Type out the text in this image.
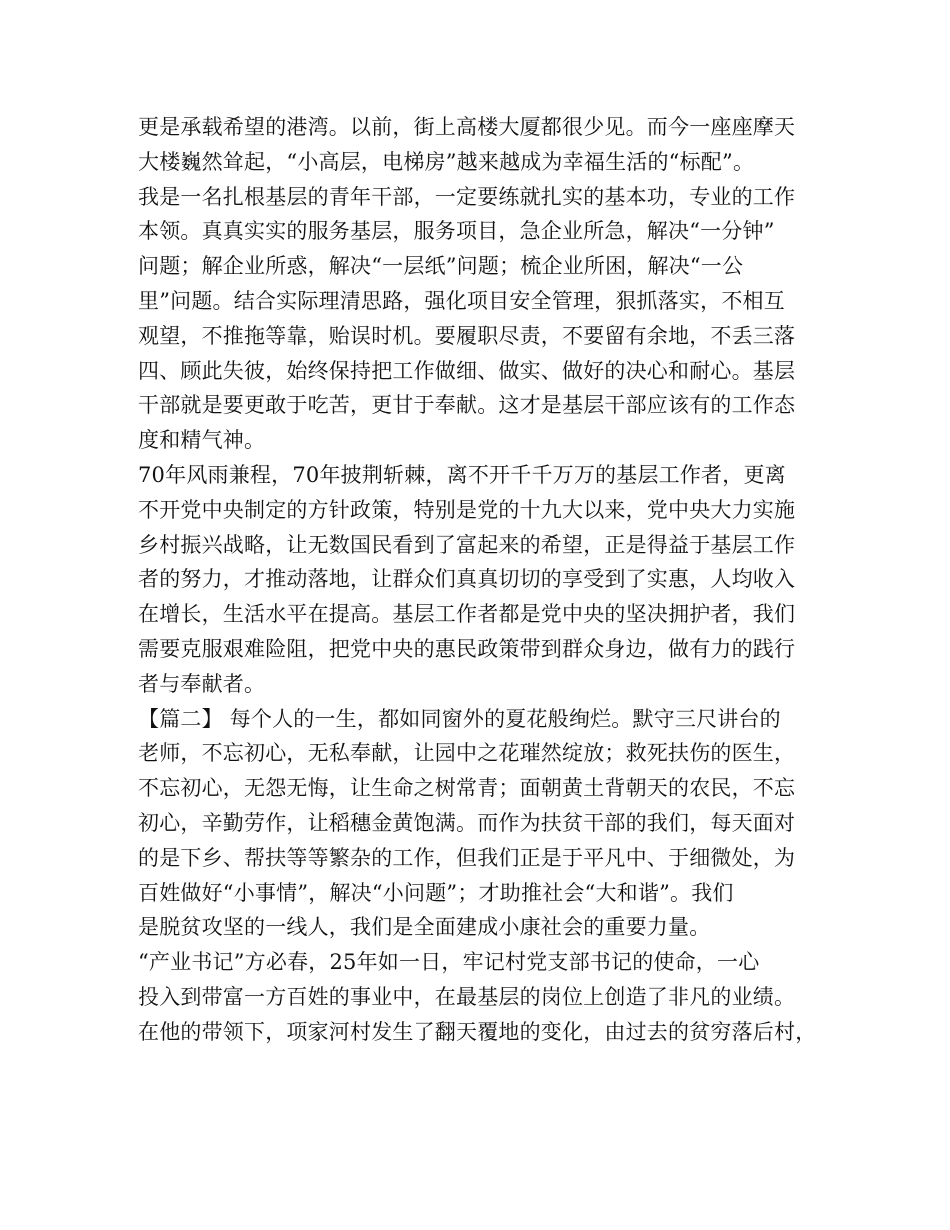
更是承载希望的港湾。以前，街上高楼大厦都很少见。而今一座座摩天
大楼巍然耸起，“小高层，电梯房”越来越成为幸福生活的“标配”。
我是一名扎根基层的青年干部，一定要练就扎实的基本功，专业的工作
本领。真真实实的服务基层，服务项目，急企业所急，解决“一分钟”
问题；解企业所惑，解决“一层纸”问题；梳企业所困，解决“一公
里”问题。结合实际理清思路，强化项目安全管理，狠抓落实，不相互
观望，不推拖等靠，贻误时机。要履职尽责，不要留有余地，不丢三落
四、顾此失彼，始终保持把工作做细、做实、做好的决心和耐心。基层
干部就是要更敢于吃苦，更甘于奉献。这才是基层干部应该有的工作态
度和精气神。
70年风雨兼程，70年披荆斩棘，离不开千千万万的基层工作者，更离
不开党中央制定的方针政策，特别是党的十九大以来，党中央大力实施
乡村振兴战略，让无数国民看到了富起来的希望，正是得益于基层工作
者的努力，才推动落地，让群众们真真切切的享受到了实惠，人均收入
在增长，生活水平在提高。基层工作者都是党中央的坚决拥护者，我们
需要克服艰难险阻，把党中央的惠民政策带到群众身边，做有力的践行
者与奉献者。
【篇二】 每个人的一生，都如同窗外的夏花般绚烂。默守三尺讲台的
老师，不忘初心，无私奉献，让园中之花璀然绽放；救死扶伤的医生，
不忘初心，无怨无悔，让生命之树常青；面朝黄土背朝天的农民，不忘
初心，辛勤劳作，让稻穗金黄饱满。而作为扶贫干部的我们，每天面对
的是下乡、帮扶等等繁杂的工作，但我们正是于平凡中、于细微处，为
百姓做好“小事情”，解决“小问题”；才助推社会“大和谐”。我们
是脱贫攻坚的一线人，我们是全面建成小康社会的重要力量。
“产业书记”方必春，25年如一日，牢记村党支部书记的使命，一心
投入到带富一方百姓的事业中，在最基层的岗位上创造了非凡的业绩。
在他的带领下，项家河村发生了翻天覆地的变化，由过去的贫穷落后村，
